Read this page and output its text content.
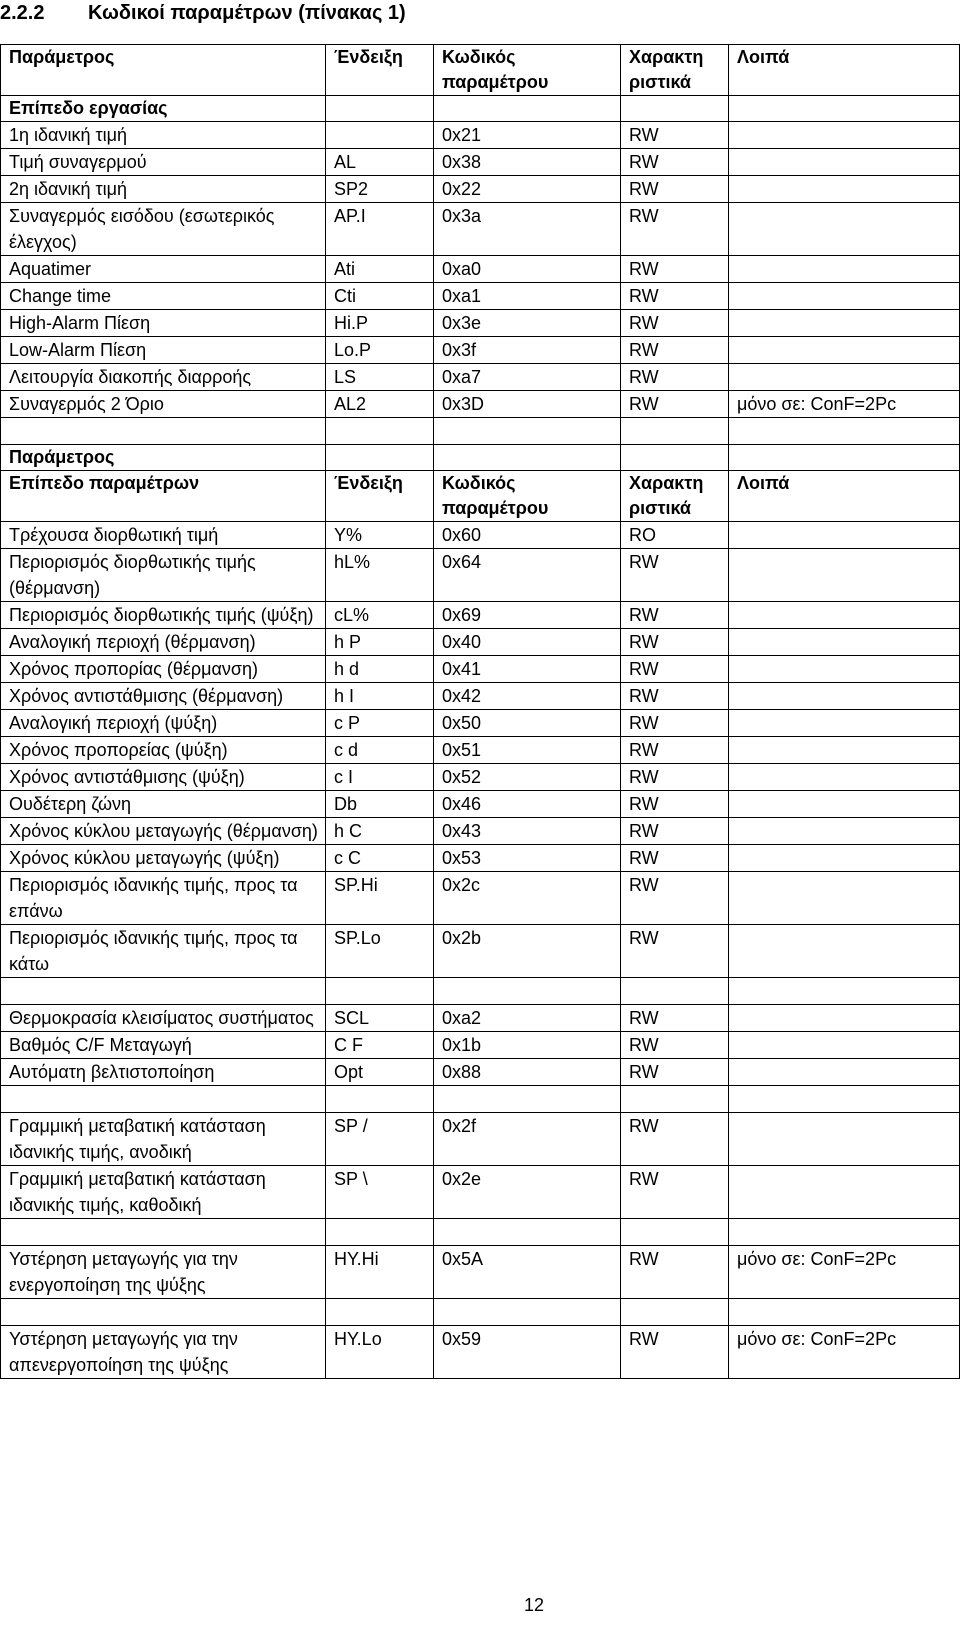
2.2.2 Κωδικοί παραμέτρων (πίνακας 1)
Παράμετρος	Ένδειξη	Κωδικός παραμέτρου	Χαρακτη ριστικά	Λοιπά
Επίπεδο εργασίας				
1η ιδανική τιμή		0x21	RW	
Τιμή συναγερμού	AL	0x38	RW	
2η ιδανική τιμή	SP2	0x22	RW	
Συναγερμός εισόδου (εσωτερικός έλεγχος)	AP.I	0x3a	RW	
Aquatimer	Ati	0xa0	RW	
Change time	Cti	0xa1	RW	
High-Alarm Πίεση	Hi.P	0x3e	RW	
Low-Alarm Πίεση	Lo.P	0x3f	RW	
Λειτουργία διακοπής διαρροής	LS	0xa7	RW	
Συναγερμός 2 Όριο	AL2	0x3D	RW	μόνο σε: ConF=2Pc

Παράμετρος				
Επίπεδο παραμέτρων	Ένδειξη	Κωδικός παραμέτρου	Χαρακτη ριστικά	Λοιπά
Τρέχουσα διορθωτική τιμή	Y%	0x60	RO	
Περιορισμός διορθωτικής τιμής (θέρμανση)	hL%	0x64	RW	
Περιορισμός διορθωτικής τιμής (ψύξη)	cL%	0x69	RW	
Αναλογική περιοχή (θέρμανση)	h P	0x40	RW	
Χρόνος προπορίας (θέρμανση)	h d	0x41	RW	
Χρόνος αντιστάθμισης (θέρμανση)	h I	0x42	RW	
Αναλογική περιοχή (ψύξη)	c P	0x50	RW	
Χρόνος προπορείας (ψύξη)	c d	0x51	RW	
Χρόνος αντιστάθμισης (ψύξη)	c I	0x52	RW	
Ουδέτερη ζώνη	Db	0x46	RW	
Χρόνος κύκλου μεταγωγής (θέρμανση)	h C	0x43	RW	
Χρόνος κύκλου μεταγωγής (ψύξη)	c C	0x53	RW	
Περιορισμός ιδανικής τιμής, προς τα επάνω	SP.Hi	0x2c	RW	
Περιορισμός ιδανικής τιμής, προς τα κάτω	SP.Lo	0x2b	RW	

Θερμοκρασία κλεισίματος συστήματος	SCL	0xa2	RW	
Βαθμός C/F Μεταγωγή	C F	0x1b	RW	
Αυτόματη βελτιστοποίηση	Opt	0x88	RW	

Γραμμική μεταβατική κατάσταση ιδανικής τιμής, ανοδική	SP /	0x2f	RW	
Γραμμική μεταβατική κατάσταση ιδανικής τιμής, καθοδική	SP \	0x2e	RW	

Υστέρηση μεταγωγής για την ενεργοποίηση της ψύξης	HY.Hi	0x5A	RW	μόνο σε: ConF=2Pc

Υστέρηση μεταγωγής για την απενεργοποίηση της ψύξης	HY.Lo	0x59	RW	μόνο σε: ConF=2Pc
12
